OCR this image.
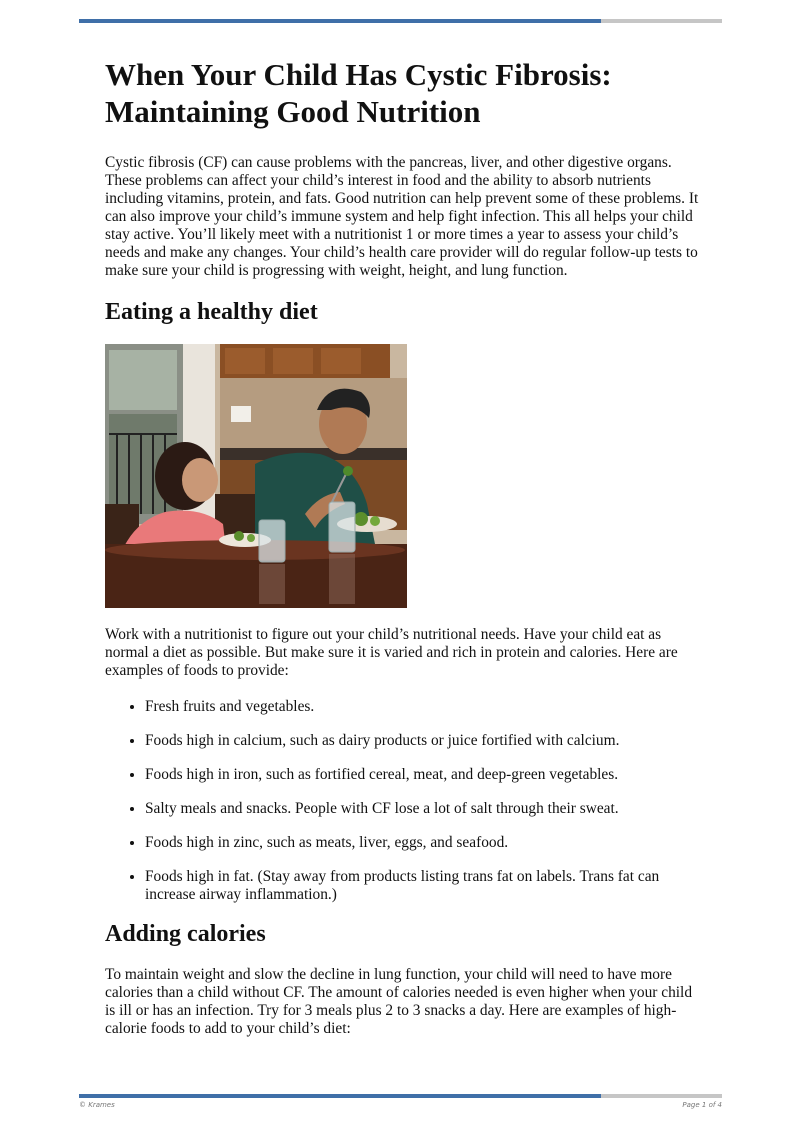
When Your Child Has Cystic Fibrosis: Maintaining Good Nutrition

Cystic fibrosis (CF) can cause problems with the pancreas, liver, and other digestive organs. These problems can affect your child’s interest in food and the ability to absorb nutrients including vitamins, protein, and fats. Good nutrition can help prevent some of these problems. It can also improve your child’s immune system and help fight infection. This all helps your child stay active. You’ll likely meet with a nutritionist 1 or more times a year to assess your child’s needs and make any changes. Your child’s health care provider will do regular follow-up tests to make sure your child is progressing with weight, height, and lung function.

Eating a healthy diet

Work with a nutritionist to figure out your child’s nutritional needs. Have your child eat as normal a diet as possible. But make sure it is varied and rich in protein and calories. Here are examples of foods to provide:

• Fresh fruits and vegetables.
• Foods high in calcium, such as dairy products or juice fortified with calcium.
• Foods high in iron, such as fortified cereal, meat, and deep-green vegetables.
• Salty meals and snacks. People with CF lose a lot of salt through their sweat.
• Foods high in zinc, such as meats, liver, eggs, and seafood.
• Foods high in fat. (Stay away from products listing trans fat on labels. Trans fat can increase airway inflammation.)
Adding calories

To maintain weight and slow the decline in lung function, your child will need to have more calories than a child without CF. The amount of calories needed is even higher when your child is ill or has an infection. Try for 3 meals plus 2 to 3 snacks a day. Here are examples of high-calorie foods to add to your child’s diet:

© Krames	Page 1 of 4
